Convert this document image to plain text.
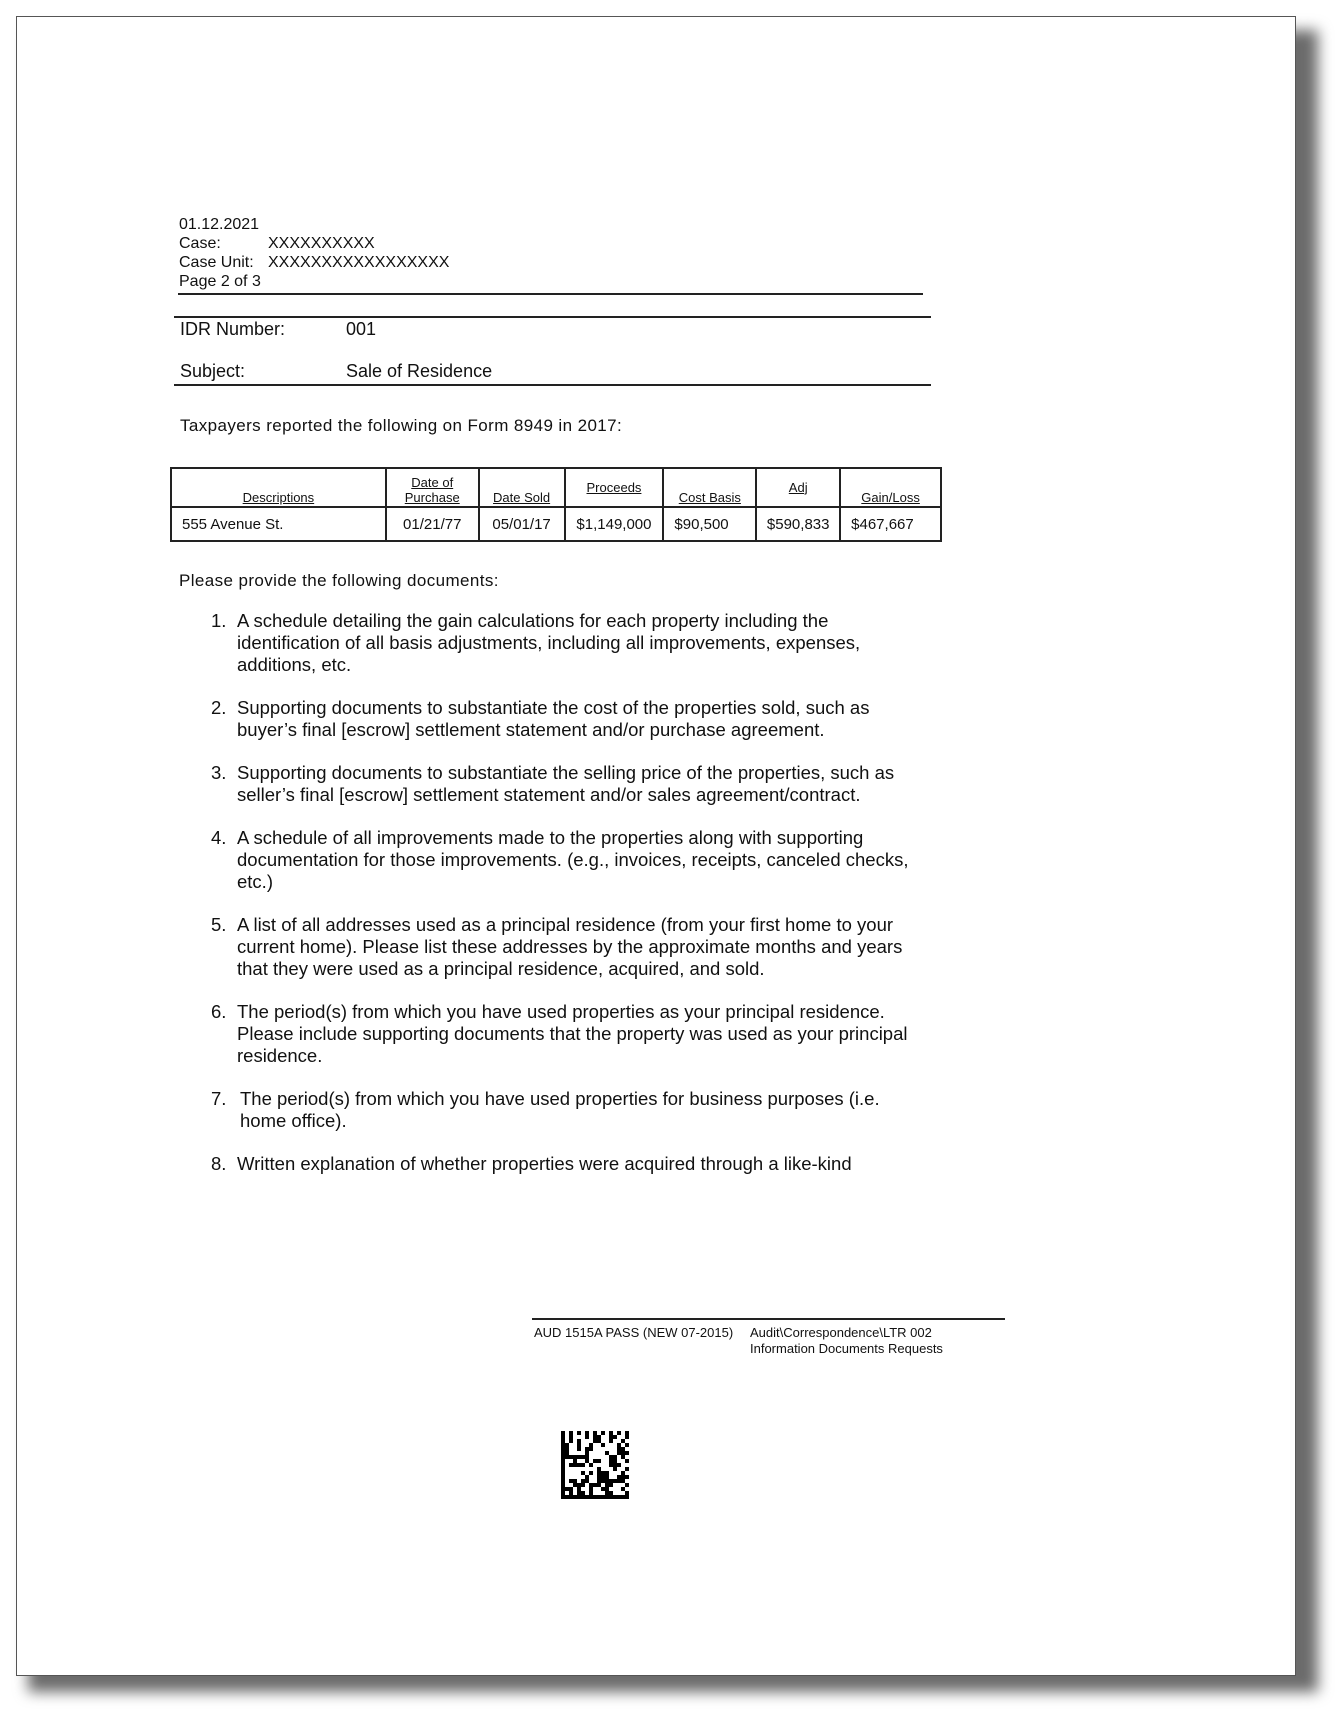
01.12.2021
Case:	XXXXXXXXXX
Case Unit: XXXXXXXXXXXXXXXXX
Page 2 of 3
IDR Number:	001
Subject:	Sale of Residence
Taxpayers reported the following on Form 8949 in 2017:
Descriptions	Date of Purchase	Date Sold	Proceeds	Cost Basis	Adj	Gain/Loss
555 Avenue St.	01/21/77	05/01/17	$1,149,000	$90,500	$590,833	$467,667
Please provide the following documents:
1. A schedule detailing the gain calculations for each property including the identification of all basis adjustments, including all improvements, expenses, additions, etc.
2. Supporting documents to substantiate the cost of the properties sold, such as buyer’s final [escrow] settlement statement and/or purchase agreement.
3. Supporting documents to substantiate the selling price of the properties, such as seller’s final [escrow] settlement statement and/or sales agreement/contract.
4. A schedule of all improvements made to the properties along with supporting documentation for those improvements. (e.g., invoices, receipts, canceled checks, etc.)
5. A list of all addresses used as a principal residence (from your first home to your current home). Please list these addresses by the approximate months and years that they were used as a principal residence, acquired, and sold.
6. The period(s) from which you have used properties as your principal residence. Please include supporting documents that the property was used as your principal residence.
7. The period(s) from which you have used properties for business purposes (i.e. home office).
8. Written explanation of whether properties were acquired through a like-kind
AUD 1515A PASS (NEW 07-2015) Audit\Correspondence\LTR 002
Information Documents Requests
